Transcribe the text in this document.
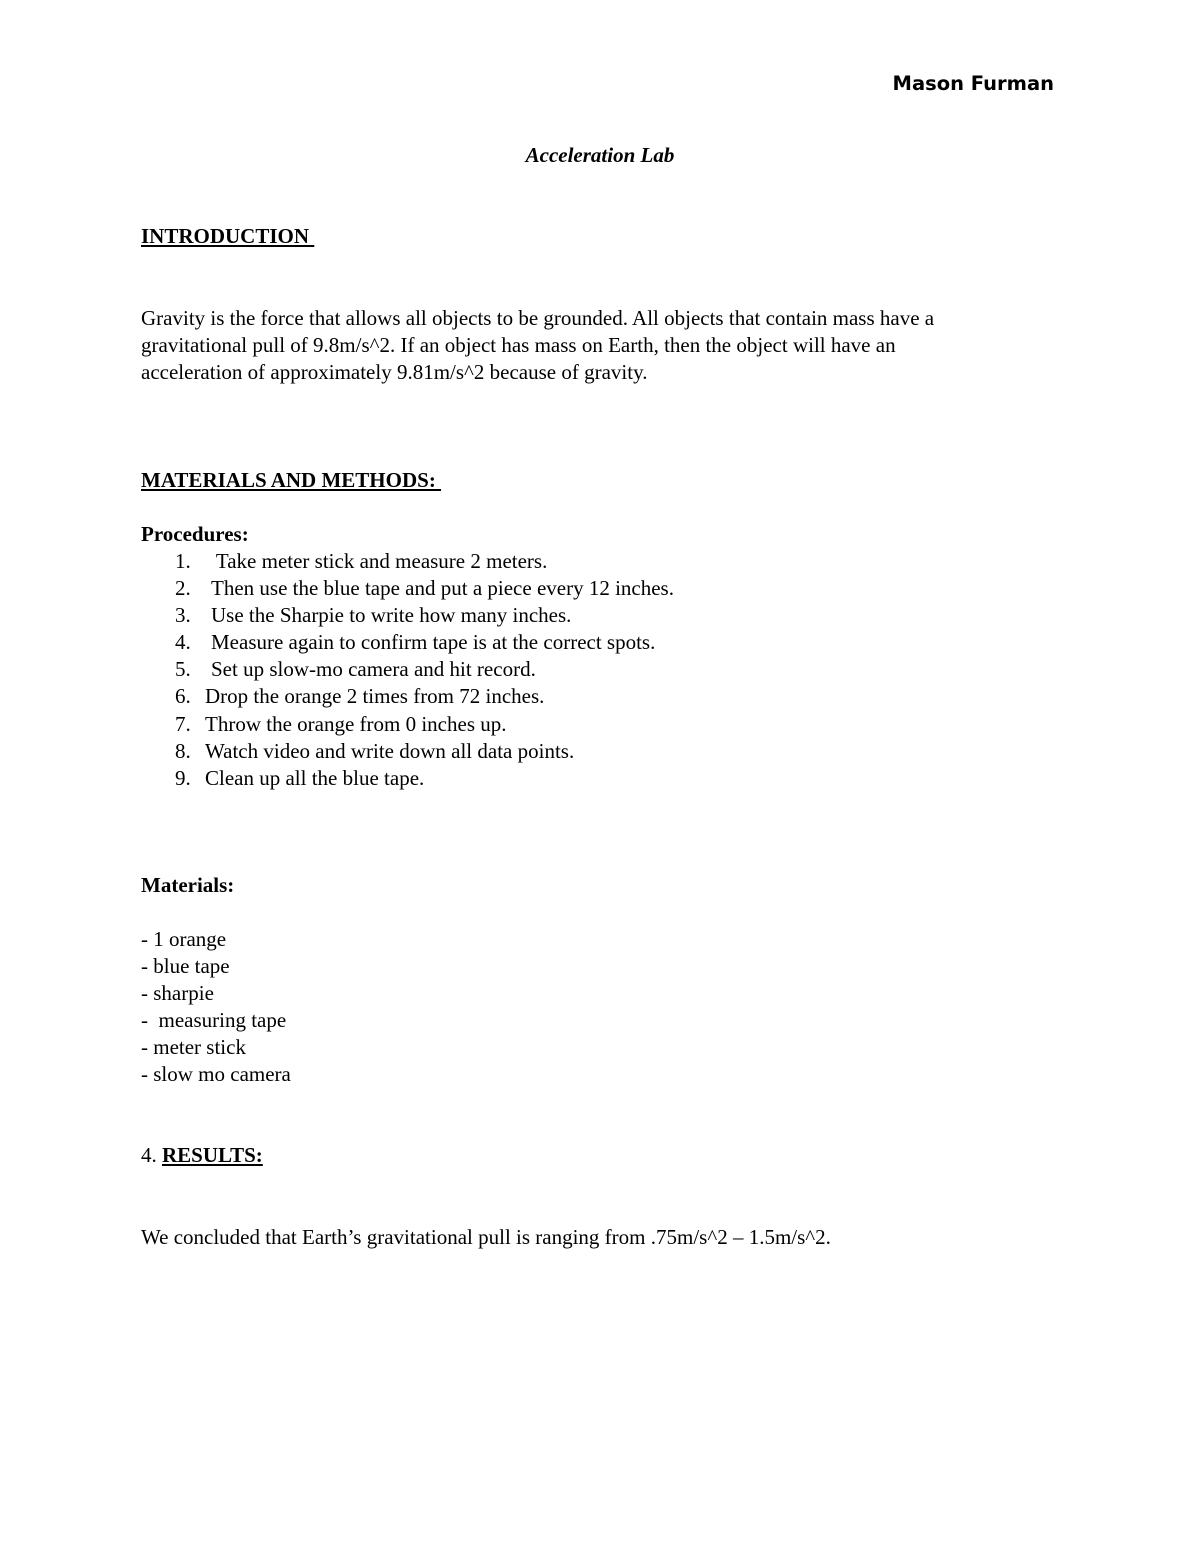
Mason Furman
Acceleration Lab
INTRODUCTION
Gravity is the force that allows all objects to be grounded. All objects that contain mass have a
gravitational pull of 9.8m/s^2. If an object has mass on Earth, then the object will have an
acceleration of approximately 9.81m/s^2 because of gravity.
MATERIALS AND METHODS:
Procedures:
1. Take meter stick and measure 2 meters.
2. Then use the blue tape and put a piece every 12 inches.
3. Use the Sharpie to write how many inches.
4. Measure again to confirm tape is at the correct spots.
5. Set up slow-mo camera and hit record.
6. Drop the orange 2 times from 72 inches.
7. Throw the orange from 0 inches up.
8. Watch video and write down all data points.
9. Clean up all the blue tape.
Materials:
- 1 orange
- blue tape
- sharpie
-  measuring tape
- meter stick
- slow mo camera
4. RESULTS:
We concluded that Earth’s gravitational pull is ranging from .75m/s^2 – 1.5m/s^2.
